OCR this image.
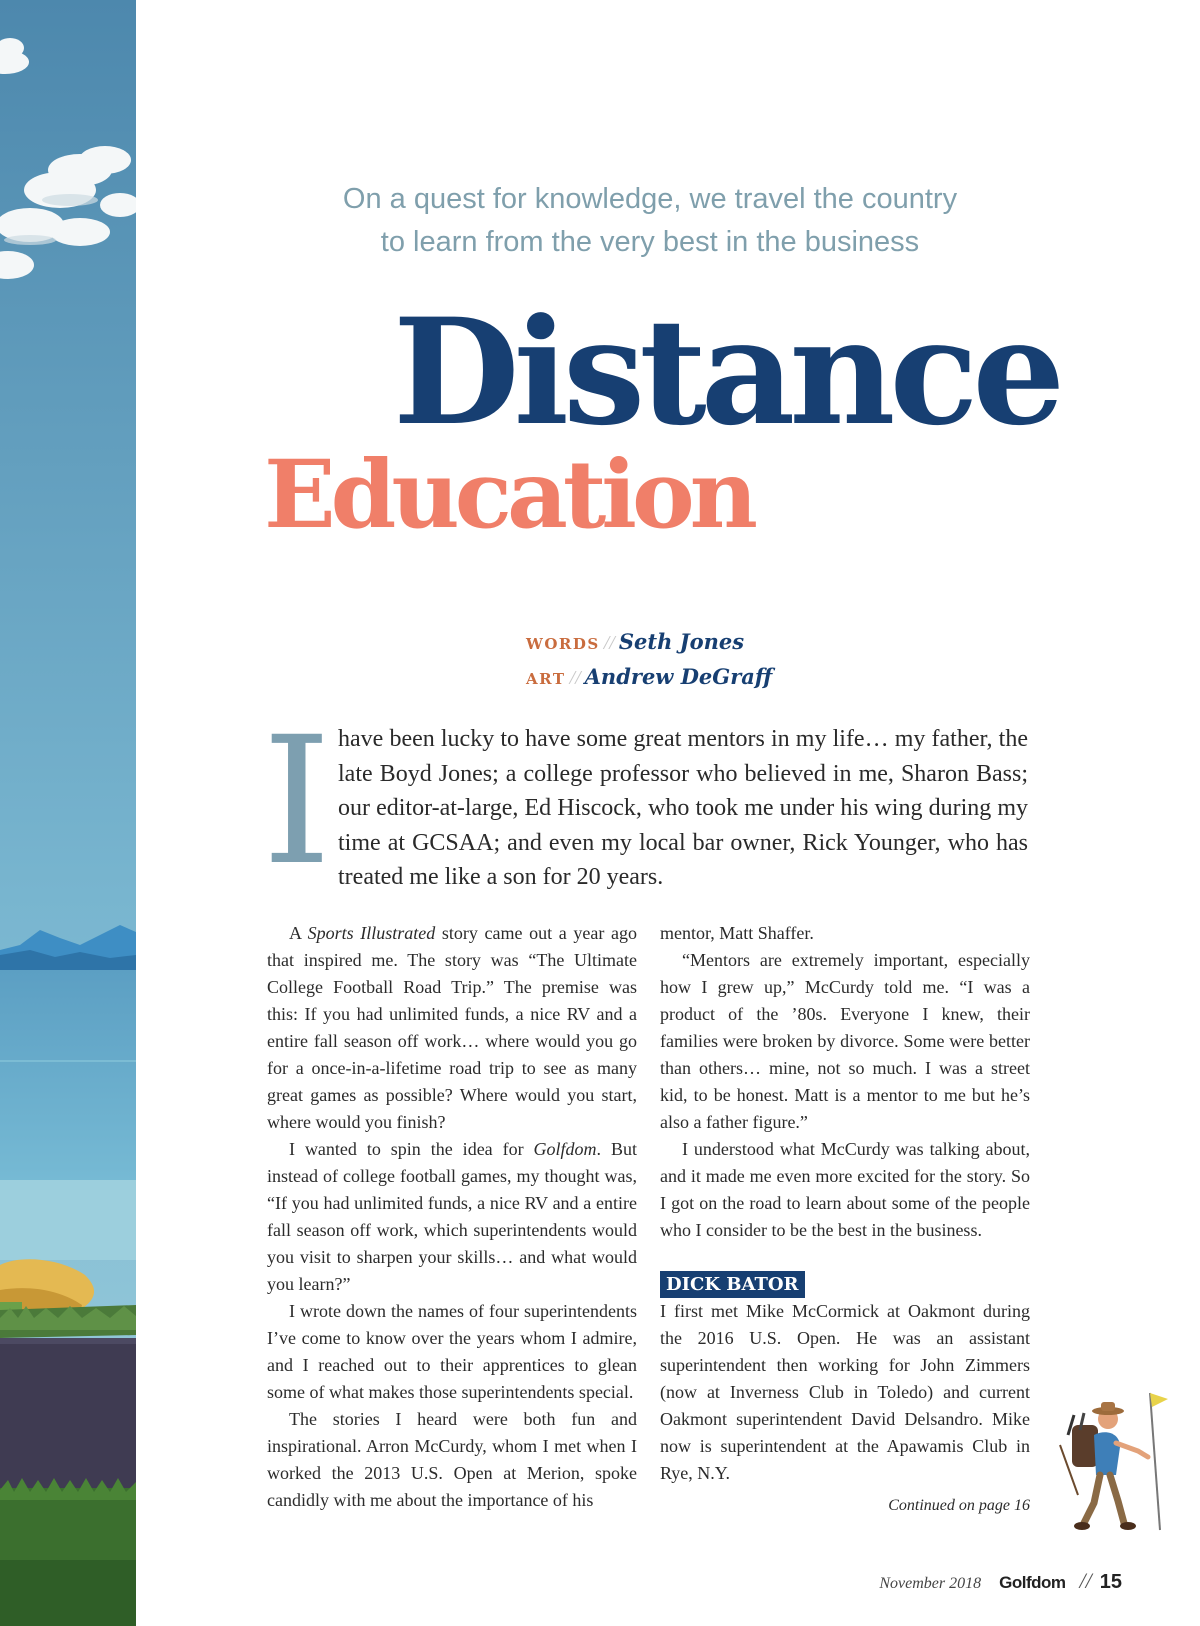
On a quest for knowledge, we travel the country
to learn from the very best in the business
Distance
Education
WORDS // Seth Jones
ART // Andrew DeGraff
I have been lucky to have some great mentors in my life… my father, the late Boyd Jones; a college professor who believed in me, Sharon Bass; our editor-at-large, Ed Hiscock, who took me under his wing during my time at GCSAA; and even my local bar owner, Rick Younger, who has treated me like a son for 20 years.

A Sports Illustrated story came out a year ago that inspired me. The story was “The Ultimate College Football Road Trip.” The premise was this: If you had unlimited funds, a nice RV and a entire fall season off work… where would you go for a once-in-a-lifetime road trip to see as many great games as possible? Where would you start, where would you finish?

I wanted to spin the idea for Golfdom. But instead of college football games, my thought was, “If you had unlimited funds, a nice RV and a entire fall season off work, which superintendents would you visit to sharpen your skills… and what would you learn?”

I wrote down the names of four superintendents I’ve come to know over the years whom I admire, and I reached out to their apprentices to glean some of what makes those superintendents special.

The stories I heard were both fun and inspirational. Arron McCurdy, whom I met when I worked the 2013 U.S. Open at Merion, spoke candidly with me about the importance of his

mentor, Matt Shaffer.

“Mentors are extremely important, especially how I grew up,” McCurdy told me. “I was a product of the ’80s. Everyone I knew, their families were broken by divorce. Some were better than others… mine, not so much. I was a street kid, to be honest. Matt is a mentor to me but he’s also a father figure.”

I understood what McCurdy was talking about, and it made me even more excited for the story. So I got on the road to learn about some of the people who I consider to be the best in the business.

DICK BATOR

I first met Mike McCormick at Oakmont during the 2016 U.S. Open. He was an assistant superintendent then working for John Zimmers (now at Inverness Club in Toledo) and current Oakmont superintendent David Delsandro. Mike now is superintendent at the Apawamis Club in Rye, N.Y.

Continued on page 16
November 2018 Golfdom // 15
